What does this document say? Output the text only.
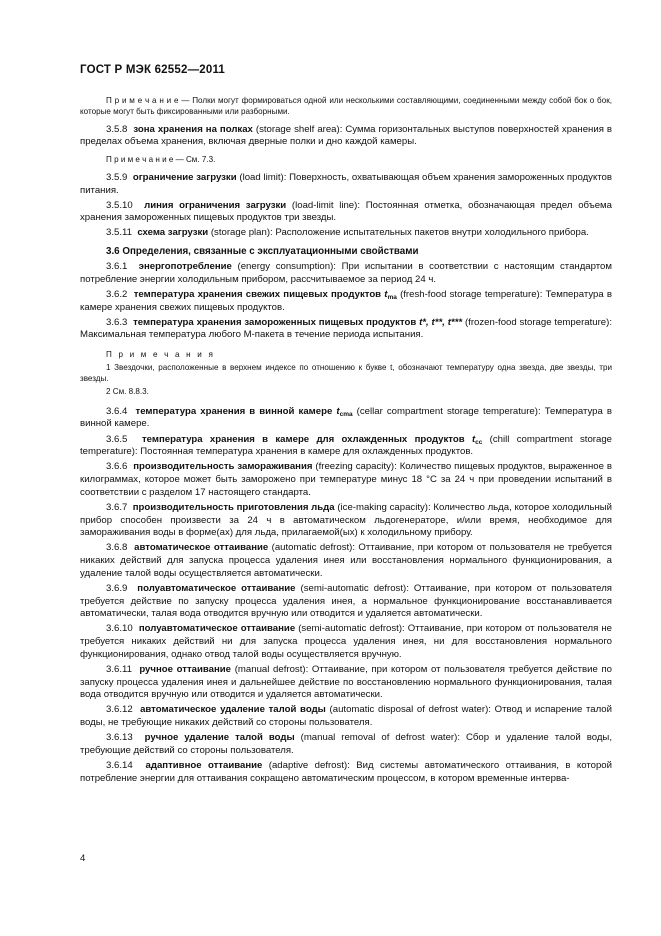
ГОСТ Р МЭК 62552—2011
П р и м е ч а н и е — Полки могут формироваться одной или несколькими составляющими, соединенными между собой бок о бок, которые могут быть фиксированными или разборными.
3.5.8 зона хранения на полках (storage shelf area): Сумма горизонтальных выступов поверхностей хранения в пределах объема хранения, включая дверные полки и дно каждой камеры.
П р и м е ч а н и е — См. 7.3.
3.5.9 ограничение загрузки (load limit): Поверхность, охватывающая объем хранения замороженных продуктов питания.
3.5.10 линия ограничения загрузки (load-limit line): Постоянная отметка, обозначающая предел объема хранения замороженных пищевых продуктов три звезды.
3.5.11 схема загрузки (storage plan): Расположение испытательных пакетов внутри холодильного прибора.
3.6 Определения, связанные с эксплуатационными свойствами
3.6.1 энергопотребление (energy consumption): При испытании в соответствии с настоящим стандартом потребление энергии холодильным прибором, рассчитываемое за период 24 ч.
3.6.2 температура хранения свежих пищевых продуктов $t_{ma}$ (fresh-food storage temperature): Температура в камере хранения свежих пищевых продуктов.
3.6.3 температура хранения замороженных пищевых продуктов t*, t**, t*** (frozen-food storage temperature): Максимальная температура любого М-пакета в течение периода испытания.
П р и м е ч а н и я
1 Звездочки, расположенные в верхнем индексе по отношению к букве t, обозначают температуру одна звезда, две звезды, три звезды.
2 См. 8.8.3.
3.6.4 температура хранения в винной камере $t_{cma}$ (cellar compartment storage temperature): Температура в винной камере.
3.6.5 температура хранения в камере для охлажденных продуктов $t_{cc}$ (chill compartment storage temperature): Постоянная температура хранения в камере для охлажденных продуктов.
3.6.6 производительность замораживания (freezing capacity): Количество пищевых продуктов, выраженное в килограммах, которое может быть заморожено при температуре минус 18 °С за 24 ч при проведении испытаний в соответствии с разделом 17 настоящего стандарта.
3.6.7 производительность приготовления льда (ice-making capacity): Количество льда, которое холодильный прибор способен произвести за 24 ч в автоматическом льдогенераторе, и/или время, необходимое для замораживания воды в форме(ах) для льда, прилагаемой(ых) к холодильному прибору.
3.6.8 автоматическое оттаивание (automatic defrost): Оттаивание, при котором от пользователя не требуется никаких действий для запуска процесса удаления инея или восстановления нормального функционирования, а удаление талой воды осуществляется автоматически.
3.6.9 полуавтоматическое оттаивание (semi-automatic defrost): Оттаивание, при котором от пользователя требуется действие по запуску процесса удаления инея, а нормальное функционирование восстанавливается автоматически, талая вода отводится вручную или отводится и удаляется автоматически.
3.6.10 полуавтоматическое оттаивание (semi-automatic defrost): Оттаивание, при котором от пользователя не требуется никаких действий ни для запуска процесса удаления инея, ни для восстановления нормального функционирования, однако отвод талой воды осуществляется вручную.
3.6.11 ручное оттаивание (manual defrost): Оттаивание, при котором от пользователя требуется действие по запуску процесса удаления инея и дальнейшее действие по восстановлению нормального функционирования, талая вода отводится вручную или отводится и удаляется автоматически.
3.6.12 автоматическое удаление талой воды (automatic disposal of defrost water): Отвод и испарение талой воды, не требующие никаких действий со стороны пользователя.
3.6.13 ручное удаление талой воды (manual removal of defrost water): Сбор и удаление талой воды, требующие действий со стороны пользователя.
3.6.14 адаптивное оттаивание (adaptive defrost): Вид системы автоматического оттаивания, в которой потребление энергии для оттаивания сокращено автоматическим процессом, в котором временные интерва-
4
